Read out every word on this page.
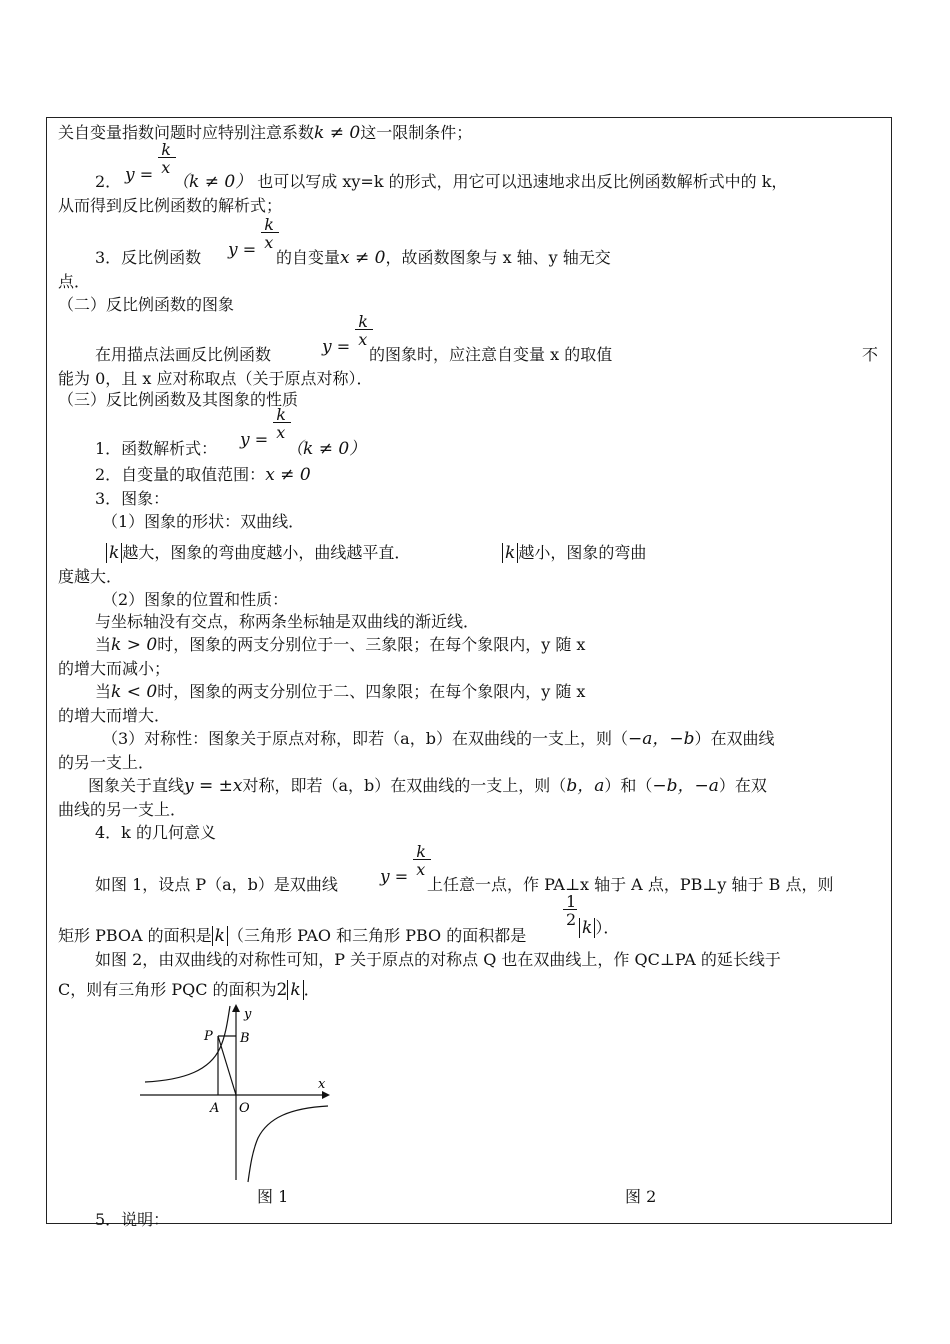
关自变量指数问题时应特别注意系数k ≠ 0这一限制条件；
2． $y = \frac{k}{x}$
（k ≠ 0） 也可以写成 xy=k 的形式，用它可以迅速地求出反比例函数解析式中的 k，
从而得到反比例函数的解析式；
3．反比例函数 $y = \frac{k}{x}$
的自变量x ≠ 0，故函数图象与 x 轴、y 轴无交
点．
（二）反比例函数的图象
在用描点法画反比例函数	$y = \frac{k}{x}$
的图象时，应注意自变量 x 的取值	不
能为 0，且 x 应对称取点（关于原点对称）．
（三）反比例函数及其图象的性质
1．函数解析式： $y = \frac{k}{x}$
（k ≠ 0）
2．自变量的取值范围：x ≠ 0
3．图象：
（1）图象的形状：双曲线．
k 越大，图象的弯曲度越小，曲线越平直．	k 越小，图象的弯曲
度越大．
（2）图象的位置和性质：
与坐标轴没有交点，称两条坐标轴是双曲线的渐近线．
当k > 0时，图象的两支分别位于一、三象限；在每个象限内，y 随 x
的增大而减小；
当k < 0时，图象的两支分别位于二、四象限；在每个象限内，y 随 x
的增大而增大．
（3）对称性：图象关于原点对称，即若（a，b）在双曲线的一支上，则（−a，−b）在双曲线
的另一支上．
图象关于直线y = ±x对称，即若（a，b）在双曲线的一支上，则（b，a）和（−b，−a）在双
曲线的另一支上．
4．k 的几何意义
如图 1，设点 P（a，b）是双曲线 $y = \frac{k}{x}$
上任意一点，作 PA⊥x 轴于 A 点，PB⊥y 轴于 B 点，则
矩形 PBOA 的面积是 k （三角形 PAO 和三角形 PBO 的面积都是
$\frac{1}{2}$ k ）．
如图 2，由双曲线的对称性可知，P 关于原点的对称点 Q 也在双曲线上，作 QC⊥PA 的延长线于
C，则有三角形 PQC 的面积为2 k ．
P B
A O
x
y
图 1	图 2
5．说明：
